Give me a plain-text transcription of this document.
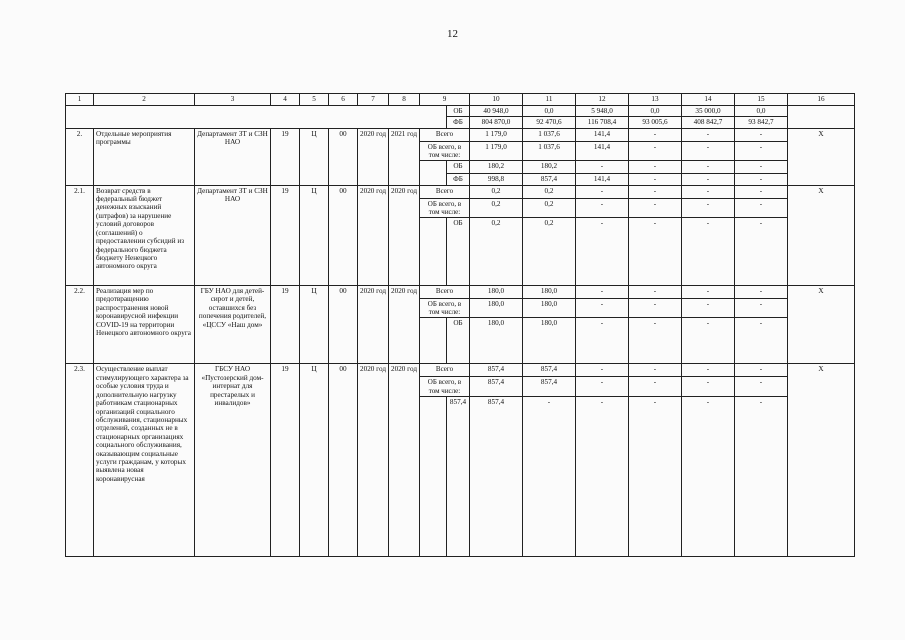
12
1	2	3	4	5	6	7	8	9		10	11	12	13	14	15	16
									ОБ	40 948,0	0,0	5 948,0	0,0	35 000,0	0,0	
									ФБ	804 870,0	92 470,6	116 708,4	93 005,6	408 842,7	93 842,7	
2.	Отдельные мероприятия программы	Департамент ЗТ и СЗН НАО	19	Ц	00	2020 год	2021 год	Всего		1 179,0	1 037,6	141,4	-	-	-	Х
								ОБ всего, в том числе:		1 179,0	1 037,6	141,4	-	-	-	
									ОБ	180,2	180,2	-	-	-	-	
									ФБ	998,8	857,4	141,4	-	-	-	
2.1.	Возврат средств в федеральный бюджет денежных взысканий (штрафов) за нарушение условий договоров (соглашений) о предоставлении субсидий из федерального бюджета бюджету Ненецкого автономного округа	Департамент ЗТ и СЗН НАО	19	Ц	00	2020 год	2020 год	Всего		0,2	0,2	-	-	-	-	Х
								ОБ всего, в том числе:		0,2	0,2	-	-	-	-	
									ОБ	0,2	0,2	-	-	-	-	
2.2.	Реализация мер по предотвращению распространения новой коронавирусной инфекции COVID-19 на территории Ненецкого автономного округа	ГБУ НАО для детей-сирот и детей, оставшихся без попечения родителей, «ЦССУ «Наш дом»	19	Ц	00	2020 год	2020 год	Всего		180,0	180,0	-	-	-	-	Х
								ОБ всего, в том числе:		180,0	180,0	-	-	-	-	
									ОБ	180,0	180,0	-	-	-	-	
2.3.	Осуществление выплат стимулирующего характера за особые условия труда и дополнительную нагрузку работникам стационарных организаций социального обслуживания, стационарных отделений, созданных не в стационарных организациях социального обслуживания, оказывающим социальные услуги гражданам, у которых выявлена новая коронавирусная	ГБСУ НАО «Пустозерский дом-интернат для престарелых и инвалидов»	19	Ц	00	2020 год	2020 год	Всего		857,4	857,4	-	-	-	-	Х
								ОБ всего, в том числе:		857,4	857,4	-	-	-	-	
									857,4	857,4	-	-	-	-	-	
